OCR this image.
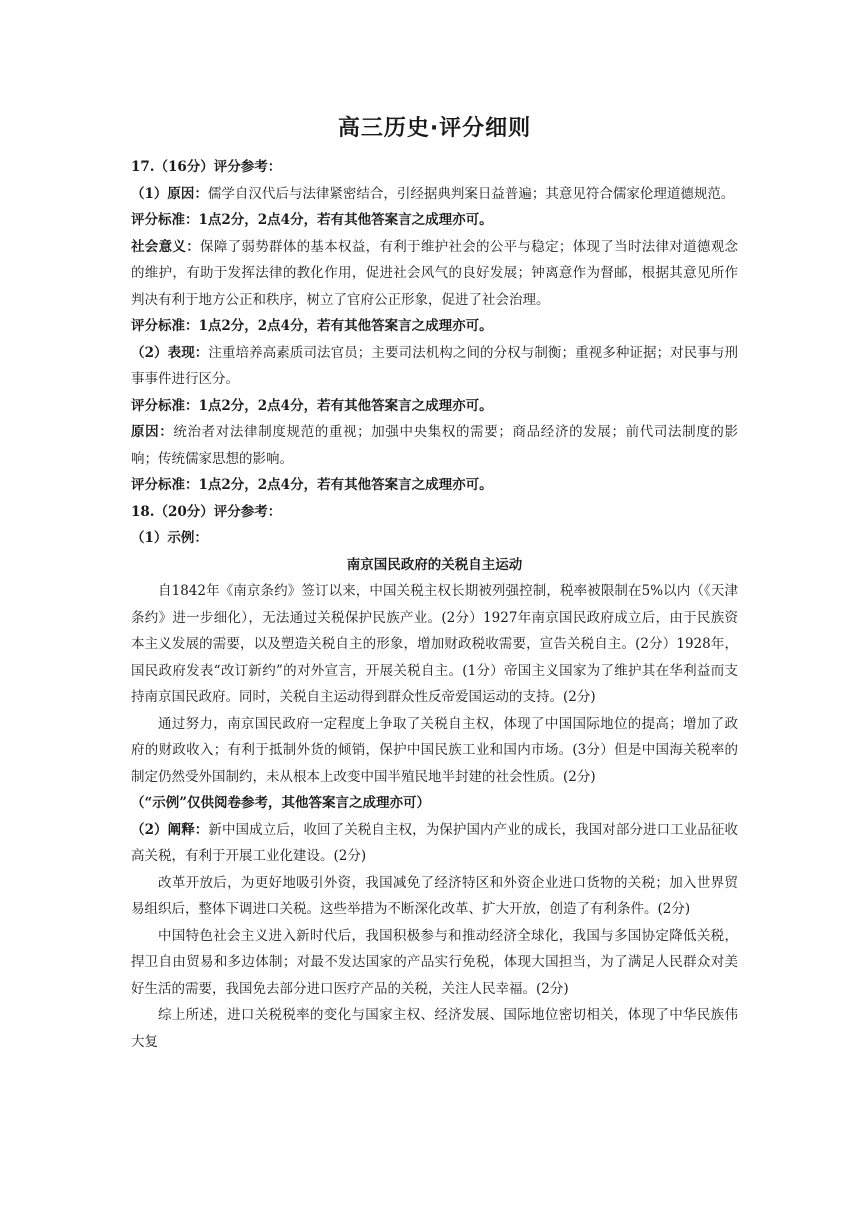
高三历史·评分细则

17.（16分）评分参考：

（1）原因：儒学自汉代后与法律紧密结合，引经据典判案日益普遍；其意见符合儒家伦理道德规范。

评分标准：1点2分，2点4分，若有其他答案言之成理亦可。

社会意义：保障了弱势群体的基本权益，有利于维护社会的公平与稳定；体现了当时法律对道德观念的维护，有助于发挥法律的教化作用，促进社会风气的良好发展；钟离意作为督邮，根据其意见所作判决有利于地方公正和秩序，树立了官府公正形象，促进了社会治理。

评分标准：1点2分，2点4分，若有其他答案言之成理亦可。

（2）表现：注重培养高素质司法官员；主要司法机构之间的分权与制衡；重视多种证据；对民事与刑事事件进行区分。

评分标准：1点2分，2点4分，若有其他答案言之成理亦可。

原因：统治者对法律制度规范的重视；加强中央集权的需要；商品经济的发展；前代司法制度的影响；传统儒家思想的影响。

评分标准：1点2分，2点4分，若有其他答案言之成理亦可。

18.（20分）评分参考：

（1）示例：

南京国民政府的关税自主运动

自1842年《南京条约》签订以来，中国关税主权长期被列强控制，税率被限制在5%以内（《天津条约》进一步细化），无法通过关税保护民族产业。(2分）1927年南京国民政府成立后，由于民族资本主义发展的需要，以及塑造关税自主的形象，增加财政税收需要，宣告关税自主。(2分）1928年，国民政府发表“改订新约”的对外宣言，开展关税自主。(1分）帝国主义国家为了维护其在华利益而支持南京国民政府。同时，关税自主运动得到群众性反帝爱国运动的支持。(2分)

通过努力，南京国民政府一定程度上争取了关税自主权，体现了中国国际地位的提高；增加了政府的财政收入；有利于抵制外货的倾销，保护中国民族工业和国内市场。(3分）但是中国海关税率的制定仍然受外国制约，未从根本上改变中国半殖民地半封建的社会性质。(2分)

（“示例”仅供阅卷参考，其他答案言之成理亦可）

（2）阐释：新中国成立后，收回了关税自主权，为保护国内产业的成长，我国对部分进口工业品征收高关税，有利于开展工业化建设。(2分)

改革开放后，为更好地吸引外资，我国减免了经济特区和外资企业进口货物的关税；加入世界贸易组织后，整体下调进口关税。这些举措为不断深化改革、扩大开放，创造了有利条件。(2分)

中国特色社会主义进入新时代后，我国积极参与和推动经济全球化，我国与多国协定降低关税，捍卫自由贸易和多边体制；对最不发达国家的产品实行免税，体现大国担当，为了满足人民群众对美好生活的需要，我国免去部分进口医疗产品的关税，关注人民幸福。(2分)

综上所述，进口关税税率的变化与国家主权、经济发展、国际地位密切相关，体现了中华民族伟大复
